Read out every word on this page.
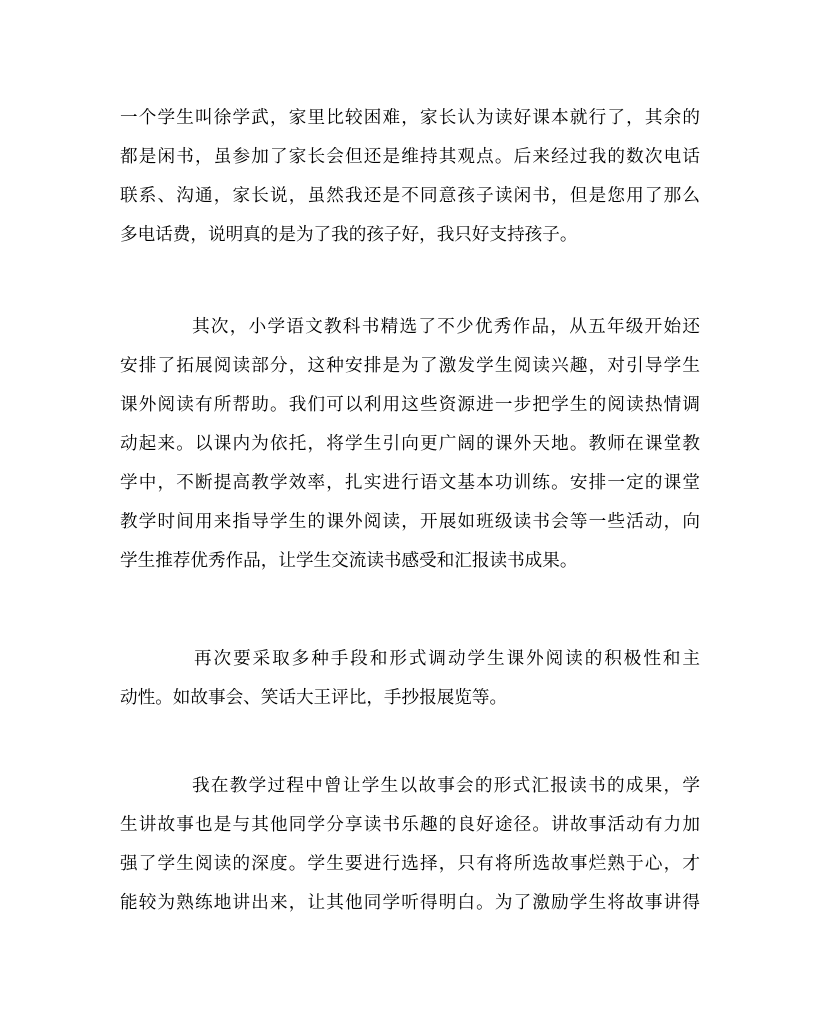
一个学生叫徐学武，家里比较困难，家长认为读好课本就行了，其余的
都是闲书，虽参加了家长会但还是维持其观点。后来经过我的数次电话
联系、沟通，家长说，虽然我还是不同意孩子读闲书，但是您用了那么
多电话费，说明真的是为了我的孩子好，我只好支持孩子。
其次，小学语文教科书精选了不少优秀作品，从五年级开始还
安排了拓展阅读部分，这种安排是为了激发学生阅读兴趣，对引导学生
课外阅读有所帮助。我们可以利用这些资源进一步把学生的阅读热情调
动起来。以课内为依托，将学生引向更广阔的课外天地。教师在课堂教
学中，不断提高教学效率，扎实进行语文基本功训练。安排一定的课堂
教学时间用来指导学生的课外阅读，开展如班级读书会等一些活动，向
学生推荐优秀作品，让学生交流读书感受和汇报读书成果。
再次要采取多种手段和形式调动学生课外阅读的积极性和主
动性。如故事会、笑话大王评比，手抄报展览等。
我在教学过程中曾让学生以故事会的形式汇报读书的成果，学
生讲故事也是与其他同学分享读书乐趣的良好途径。讲故事活动有力加
强了学生阅读的深度。学生要进行选择，只有将所选故事烂熟于心，才
能较为熟练地讲出来，让其他同学听得明白。为了激励学生将故事讲得
